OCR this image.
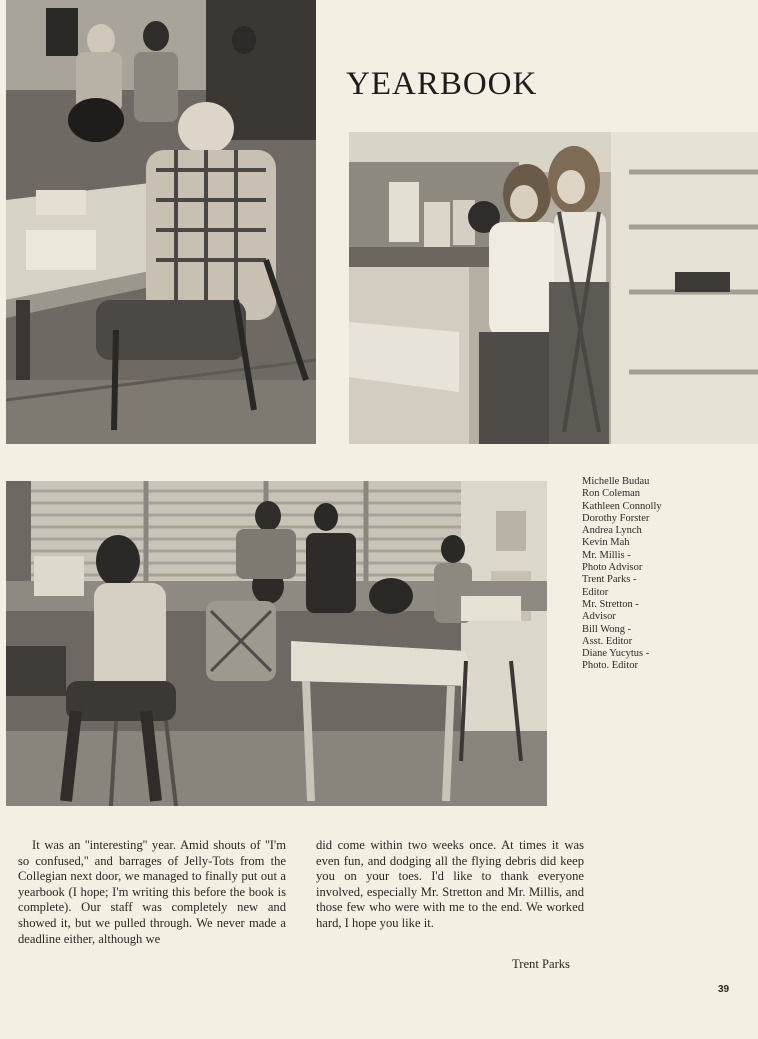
YEARBOOK
Michelle Budau
Ron Coleman
Kathleen Connolly
Dorothy Forster
Andrea Lynch
Kevin Mah
Mr. Millis -
Photo Advisor
Trent Parks -
Editor
Mr. Stretton -
Advisor
Bill Wong -
Asst. Editor
Diane Yucytus -
Photo. Editor

It was an ''interesting'' year. Amid shouts of ''I'm so confused,'' and barrages of Jelly-Tots from the Collegian next door, we managed to finally put out a yearbook (I hope; I'm writing this before the book is complete). Our staff was completely new and showed it, but we pulled through. We never made a deadline either, although we

did come within two weeks once. At times it was even fun, and dodging all the flying debris did keep you on your toes. I'd like to thank everyone involved, especially Mr. Stretton and Mr. Millis, and those few who were with me to the end. We worked hard, I hope you like it.

Trent Parks

39
